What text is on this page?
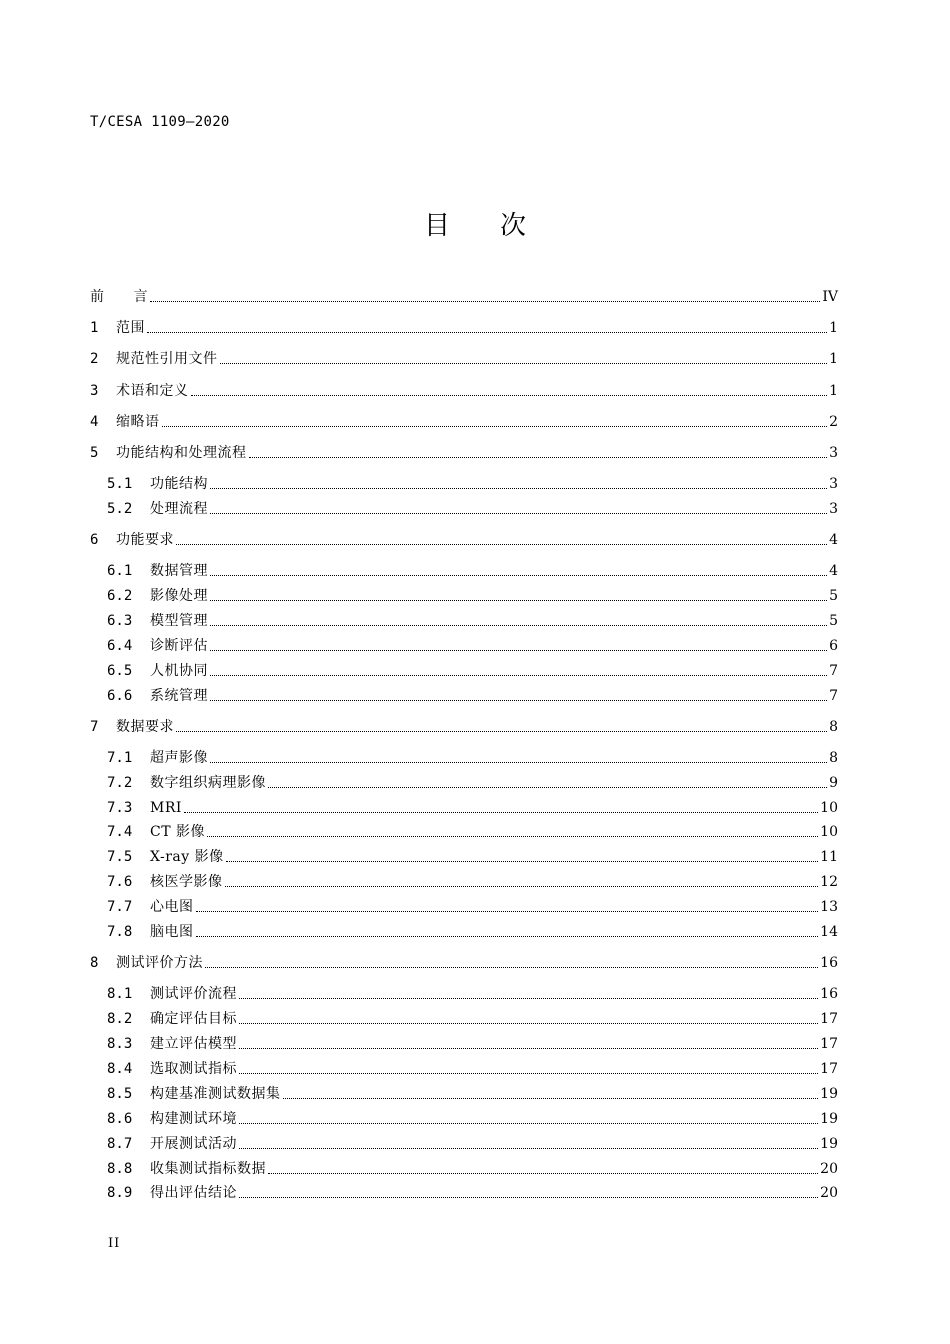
T/CESA 1109—2020
目次
前　　言	IV
1	范围	1
2	规范性引用文件	1
3	术语和定义	1
4	缩略语	2
5	功能结构和处理流程	3
5.1	功能结构	3
5.2	处理流程	3
6	功能要求	4
6.1	数据管理	4
6.2	影像处理	5
6.3	模型管理	5
6.4	诊断评估	6
6.5	人机协同	7
6.6	系统管理	7
7	数据要求	8
7.1	超声影像	8
7.2	数字组织病理影像	9
7.3	MRI	10
7.4	CT 影像	10
7.5	X-ray 影像	11
7.6	核医学影像	12
7.7	心电图	13
7.8	脑电图	14
8	测试评价方法	16
8.1	测试评价流程	16
8.2	确定评估目标	17
8.3	建立评估模型	17
8.4	选取测试指标	17
8.5	构建基准测试数据集	19
8.6	构建测试环境	19
8.7	开展测试活动	19
8.8	收集测试指标数据	20
8.9	得出评估结论	20
II
